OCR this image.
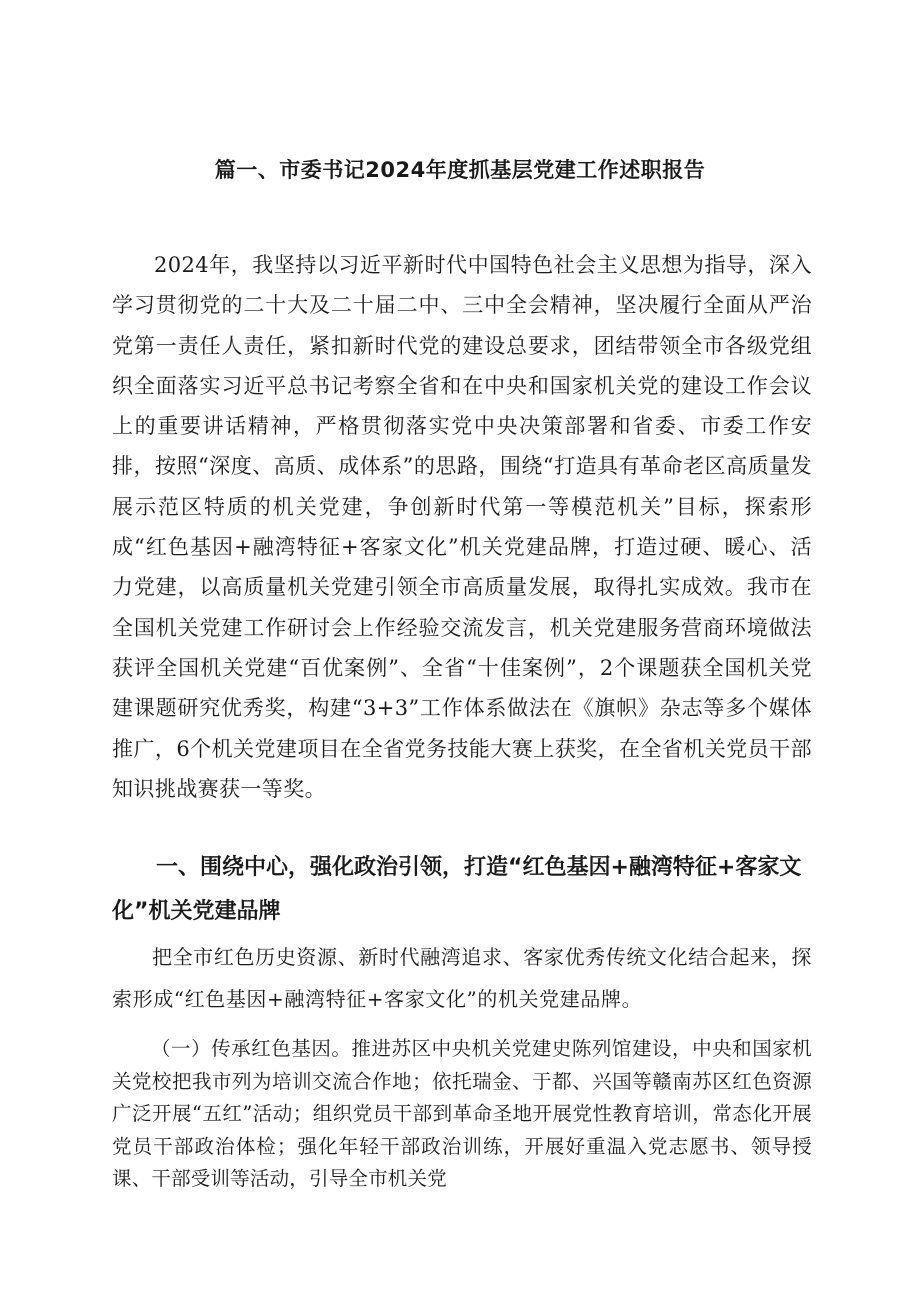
篇一、市委书记2024年度抓基层党建工作述职报告

2024年，我坚持以习近平新时代中国特色社会主义思想为指导，深入学习贯彻党的二十大及二十届二中、三中全会精神，坚决履行全面从严治党第一责任人责任，紧扣新时代党的建设总要求，团结带领全市各级党组织全面落实习近平总书记考察全省和在中央和国家机关党的建设工作会议上的重要讲话精神，严格贯彻落实党中央决策部署和省委、市委工作安排，按照“深度、高质、成体系”的思路，围绕“打造具有革命老区高质量发展示范区特质的机关党建，争创新时代第一等模范机关”目标，探索形成“红色基因+融湾特征+客家文化”机关党建品牌，打造过硬、暖心、活力党建，以高质量机关党建引领全市高质量发展，取得扎实成效。我市在全国机关党建工作研讨会上作经验交流发言，机关党建服务营商环境做法获评全国机关党建“百优案例”、全省“十佳案例”，2个课题获全国机关党建课题研究优秀奖，构建“3+3”工作体系做法在《旗帜》杂志等多个媒体推广，6个机关党建项目在全省党务技能大赛上获奖，在全省机关党员干部知识挑战赛获一等奖。

一、围绕中心，强化政治引领，打造“红色基因+融湾特征+客家文化”机关党建品牌

把全市红色历史资源、新时代融湾追求、客家优秀传统文化结合起来，探索形成“红色基因+融湾特征+客家文化”的机关党建品牌。

（一）传承红色基因。推进苏区中央机关党建史陈列馆建设，中央和国家机关党校把我市列为培训交流合作地；依托瑞金、于都、兴国等赣南苏区红色资源广泛开展“五红”活动；组织党员干部到革命圣地开展党性教育培训，常态化开展党员干部政治体检；强化年轻干部政治训练，开展好重温入党志愿书、领导授课、干部受训等活动，引导全市机关党
